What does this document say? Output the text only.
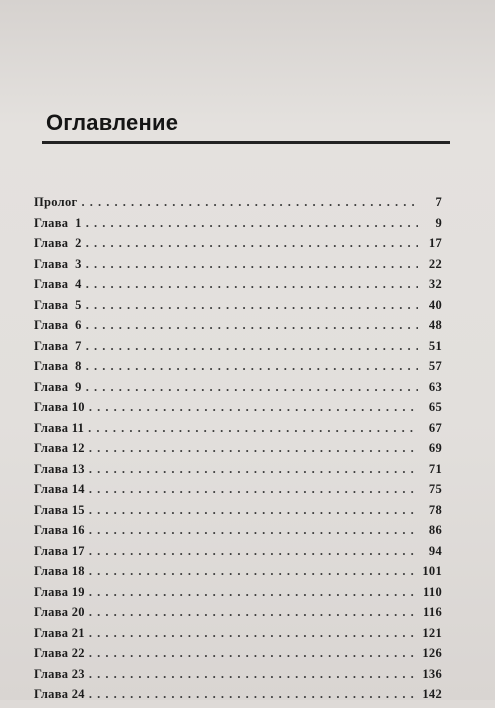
Оглавление
Пролог . . .	7
Глава  1 . . .	9
Глава  2 . . .	17
Глава  3 . . .	22
Глава  4 . . .	32
Глава  5 . . .	40
Глава  6 . . .	48
Глава  7 . . .	51
Глава  8 . . .	57
Глава  9 . . .	63
Глава 10 . . .	65
Глава 11 . . .	67
Глава 12 . . .	69
Глава 13 . . .	71
Глава 14 . . .	75
Глава 15 . . .	78
Глава 16 . . .	86
Глава 17 . . .	94
Глава 18 . . .	101
Глава 19 . . .	110
Глава 20 . . .	116
Глава 21 . . .	121
Глава 22 . . .	126
Глава 23 . . .	136
Глава 24 . . .	142
